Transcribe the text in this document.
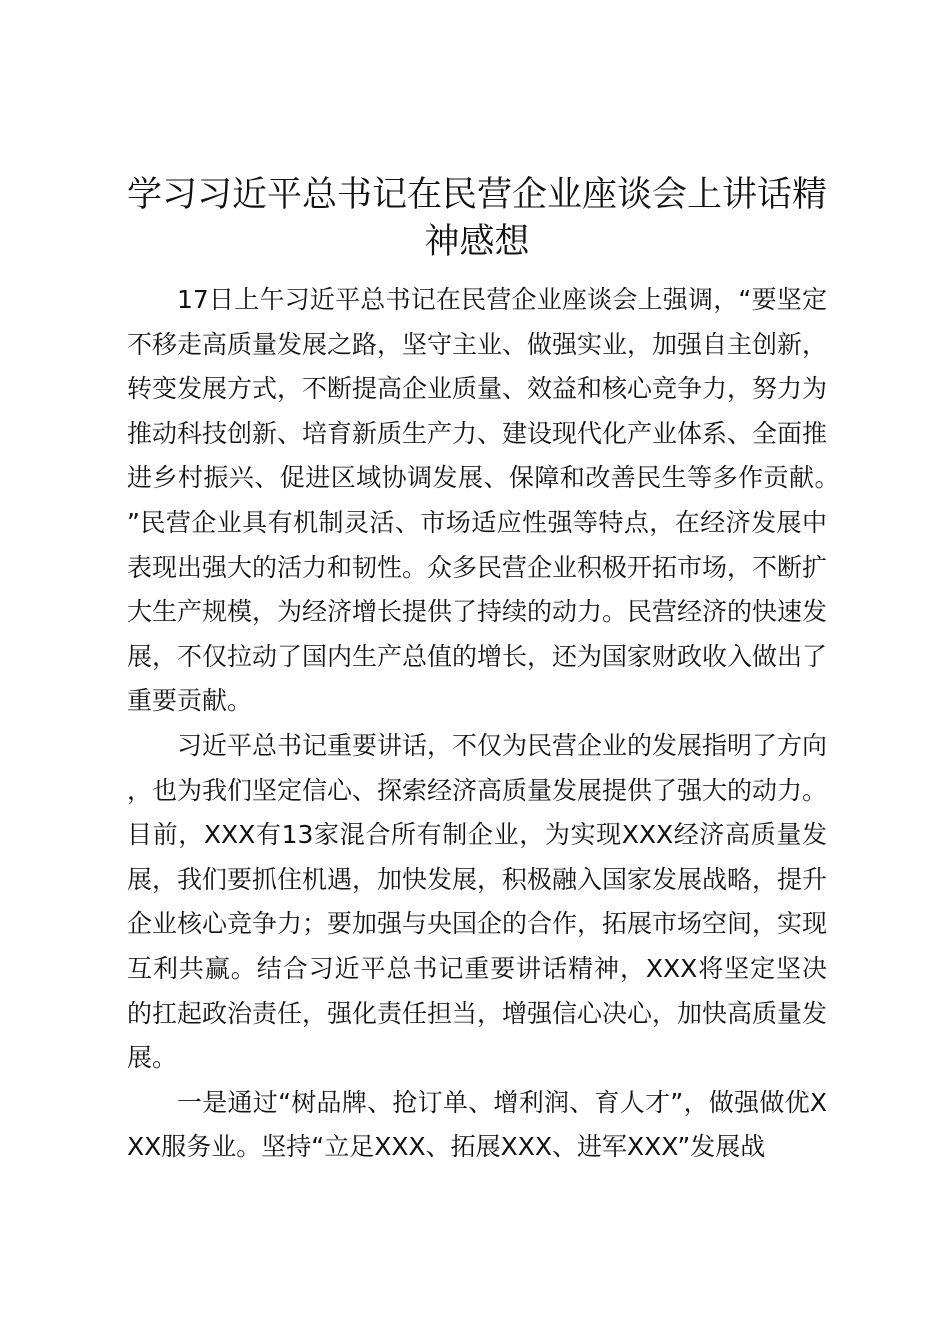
学习习近平总书记在民营企业座谈会上讲话精神感想

17日上午习近平总书记在民营企业座谈会上强调，“要坚定不移走高质量发展之路，坚守主业、做强实业，加强自主创新，转变发展方式，不断提高企业质量、效益和核心竞争力，努力为推动科技创新、培育新质生产力、建设现代化产业体系、全面推进乡村振兴、促进区域协调发展、保障和改善民生等多作贡献。”民营企业具有机制灵活、市场适应性强等特点，在经济发展中表现出强大的活力和韧性。众多民营企业积极开拓市场，不断扩大生产规模，为经济增长提供了持续的动力。民营经济的快速发展，不仅拉动了国内生产总值的增长，还为国家财政收入做出了重要贡献。

习近平总书记重要讲话，不仅为民营企业的发展指明了方向，也为我们坚定信心、探索经济高质量发展提供了强大的动力。目前，XXX有13家混合所有制企业，为实现XXX经济高质量发展，我们要抓住机遇，加快发展，积极融入国家发展战略，提升企业核心竞争力；要加强与央国企的合作，拓展市场空间，实现互利共赢。结合习近平总书记重要讲话精神，XXX将坚定坚决的扛起政治责任，强化责任担当，增强信心决心，加快高质量发展。

一是通过“树品牌、抢订单、增利润、育人才”，做强做优XXX服务业。坚持“立足XXX、拓展XXX、进军XXX”发展战
